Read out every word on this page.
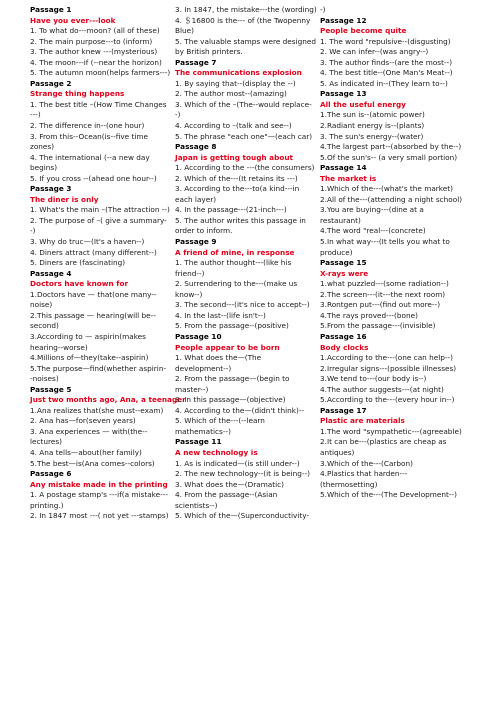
Passage 1
Have you ever---look
1. To what do---moon? (all of these)
2. The main purpose---to (inform)
3. The author knew ---(mysterious)
4. The moon---if (--near the horizon)
5. The autumn moon(helps farmers---)
Passage 2
Strange thing happens
1. The best title –(How Time Changes
---)
2. The difference in--(one hour)
3. From this--Ocean(is--five time
zones)
4. The international (--a new day
begins)
5. If you cross --(ahead one hour--)
Passage 3
The diner is only
1. What's the main –(The attraction --)
2. The purpose of –( give a summary-
-)
3. Why do truc—(It's a haven--)
4. Diners attract (many different--)
5. Diners are (fascinating)
Passage 4
Doctors have known for
1.Doctors have — that(one many--
noise)
2.This passage — hearing(will be--
second)
3.According to — aspirin(makes
hearing--worse)
4.Millions of—they(take--aspirin)
5.The purpose—find(whether aspirin-
-noises)
Passage 5
Just two months ago, Ana, a teenager
1.Ana realizes that(she must--exam)
2. Ana has—for(seven years)
3. Ana experiences — with(the--
lectures)
4. Ana tells—about(her family)
5.The best—is(Ana comes--colors)
Passage 6
Any mistake made in the printing
1. A postage stamp's ---if(a mistake---
printing.)
2. In 1847 most ---( not yet ---stamps)
3. In 1847, the mistake---the (wording)
4. ＄16800 is the--- of (the Twopenny
Blue)
5. The valuable stamps were designed
by British printers.
Passage 7
The communications explosion
1. By saying that--(display the --)
2. The author most--(amazing)
3. Which of the –(The--would replace-
-)
4. According to –(talk and see--)
5. The phrase "each one"—(each car)
Passage 8
Japan is getting tough about
1. According to the ---(the consumers)
2. Which of the---(It retains its ---)
3. According to the---to(a kind---in
each layer)
4. In the passage---(21-inch---)
5. The author writes this passage in
order to inform.
Passage 9
A friend of mine, in response
1. The author thought---(like his
friend--)
2. Surrendering to the---(make us
know--)
3. The second---(it's nice to accept--)
4. In the last--(life isn't--)
5. From the passage--(positive)
Passage 10
People appear to be born
1. What does the—(The
development--)
2. From the passage—(begin to
master--)
3. In this passage—(objective)
4. According to the—(didn't think)--
5. Which of the---(--learn
mathematics--)
Passage 11
A new technology is
1. As is indicated—(is still under--)
2. The new technology--(it is being--)
3. What does the—(Dramatic)
4. From the passage--(Asian
scientists--)
5. Which of the—(Superconductivity-
-)
Passage 12
People become quite
1. The word "repulsive--(disgusting)
2. We can infer--(was angry--)
3. The author finds--(are the most--)
4. The best title--(One Man's Meat--)
5. As indicated in--(They learn to--)
Passage 13
All the useful energy
1.The sun is--(atomic power)
2.Radiant energy is--(plants)
3. The sun's energy--(water)
4.The largest part--(absorbed by the--)
5.Of the sun's-- (a very small portion)
Passage 14
The market is
1.Which of the---(what's the market)
2.All of the---(attending a night school)
3.You are buying---(dine at a
restaurant)
4.The word "real---(concrete)
5.In what way---(It tells you what to
produce)
Passage 15
X-rays were
1.what puzzled---(some radiation--)
2.The screen---(it---the next room)
3.Rontgen put---(find out more--)
4.The rays proved---(bone)
5.From the passage---(invisible)
Passage 16
Body clocks
1.According to the---(one can help--)
2.Irregular signs---(possible illnesses)
3.We tend to---(our body is--)
4.The author suggests---(at night)
5.According to the---(every hour in--)
Passage 17
Plastic are materials
1.The word "sympathetic---(agreeable)
2.It can be---(plastics are cheap as
antiques)
3.Which of the---(Carbon)
4.Plastics that harden---
(thermosetting)
5.Which of the---(The Development--)
